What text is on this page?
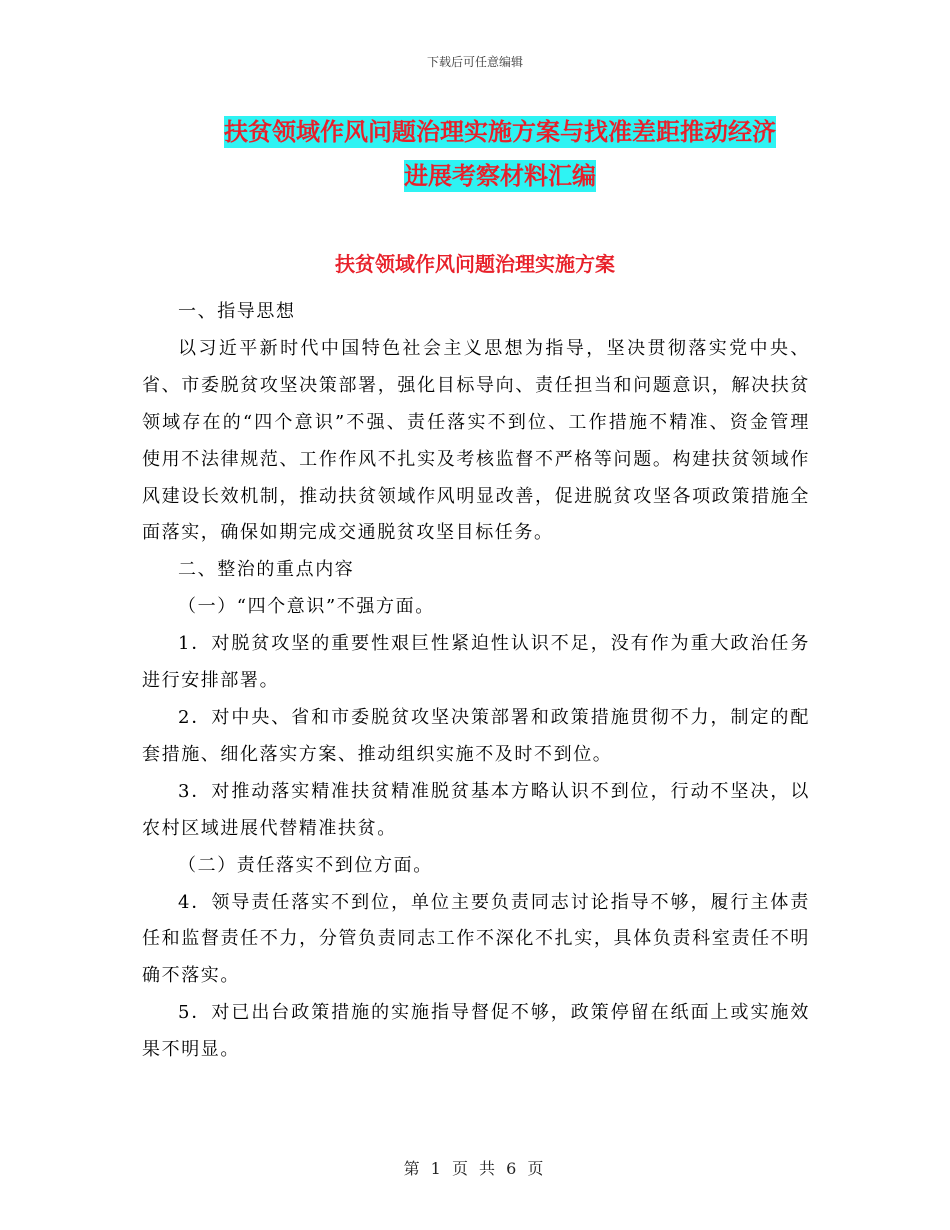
下载后可任意编辑
扶贫领域作风问题治理实施方案与找准差距推动经济
进展考察材料汇编
扶贫领域作风问题治理实施方案

一、指导思想

以习近平新时代中国特色社会主义思想为指导，坚决贯彻落实党中央、省、市委脱贫攻坚决策部署，强化目标导向、责任担当和问题意识，解决扶贫领域存在的“四个意识”不强、责任落实不到位、工作措施不精准、资金管理使用不法律规范、工作作风不扎实及考核监督不严格等问题。构建扶贫领域作风建设长效机制，推动扶贫领域作风明显改善，促进脱贫攻坚各项政策措施全面落实，确保如期完成交通脱贫攻坚目标任务。

二、整治的重点内容

（一）“四个意识”不强方面。

1．对脱贫攻坚的重要性艰巨性紧迫性认识不足，没有作为重大政治任务进行安排部署。

2．对中央、省和市委脱贫攻坚决策部署和政策措施贯彻不力，制定的配套措施、细化落实方案、推动组织实施不及时不到位。

3．对推动落实精准扶贫精准脱贫基本方略认识不到位，行动不坚决，以农村区域进展代替精准扶贫。

（二）责任落实不到位方面。

4．领导责任落实不到位，单位主要负责同志讨论指导不够，履行主体责任和监督责任不力，分管负责同志工作不深化不扎实，具体负责科室责任不明确不落实。

5．对已出台政策措施的实施指导督促不够，政策停留在纸面上或实施效果不明显。

第 1 页 共 6 页
